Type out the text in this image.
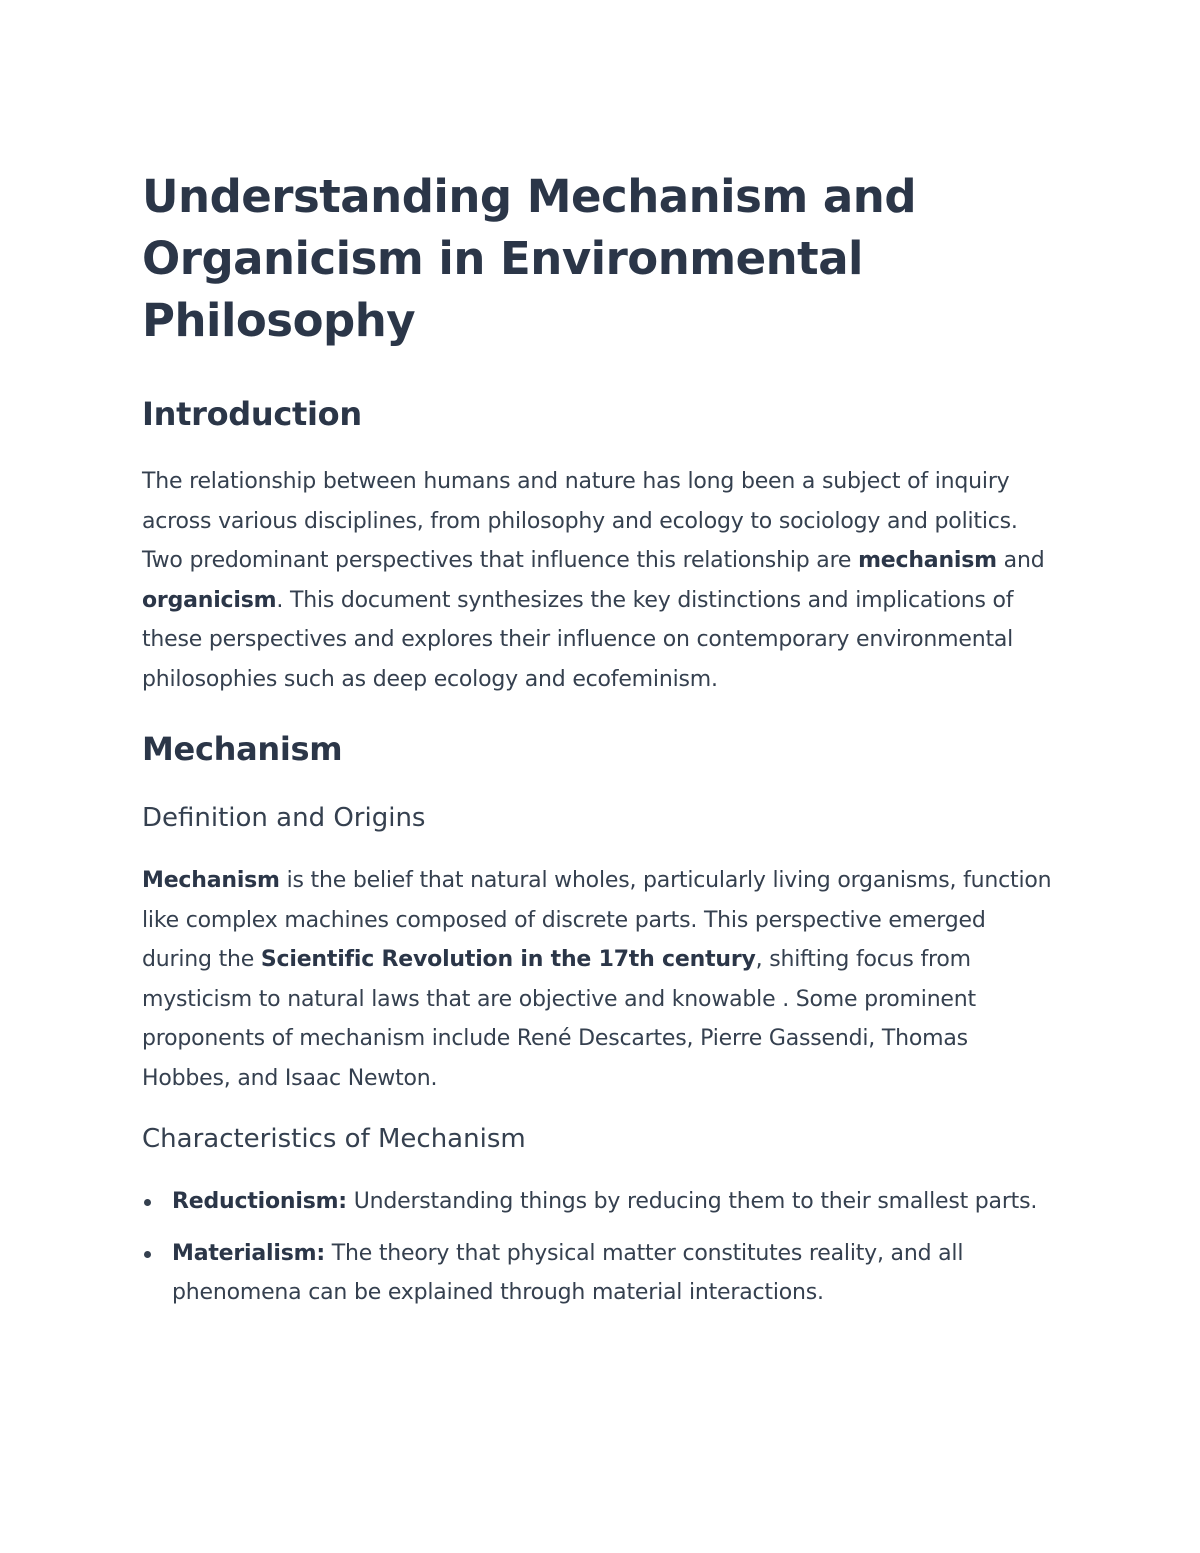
Understanding Mechanism and Organicism in Environmental Philosophy
Introduction

The relationship between humans and nature has long been a subject of inquiry across various disciplines, from philosophy and ecology to sociology and politics. Two predominant perspectives that influence this relationship are mechanism and organicism. This document synthesizes the key distinctions and implications of these perspectives and explores their influence on contemporary environmental philosophies such as deep ecology and ecofeminism.

Mechanism
Definition and Origins

Mechanism is the belief that natural wholes, particularly living organisms, function like complex machines composed of discrete parts. This perspective emerged during the Scientific Revolution in the 17th century, shifting focus from mysticism to natural laws that are objective and knowable . Some prominent proponents of mechanism include René Descartes, Pierre Gassendi, Thomas Hobbes, and Isaac Newton.

Characteristics of Mechanism
Reductionism: Understanding things by reducing them to their smallest parts.
Materialism: The theory that physical matter constitutes reality, and all phenomena can be explained through material interactions.
